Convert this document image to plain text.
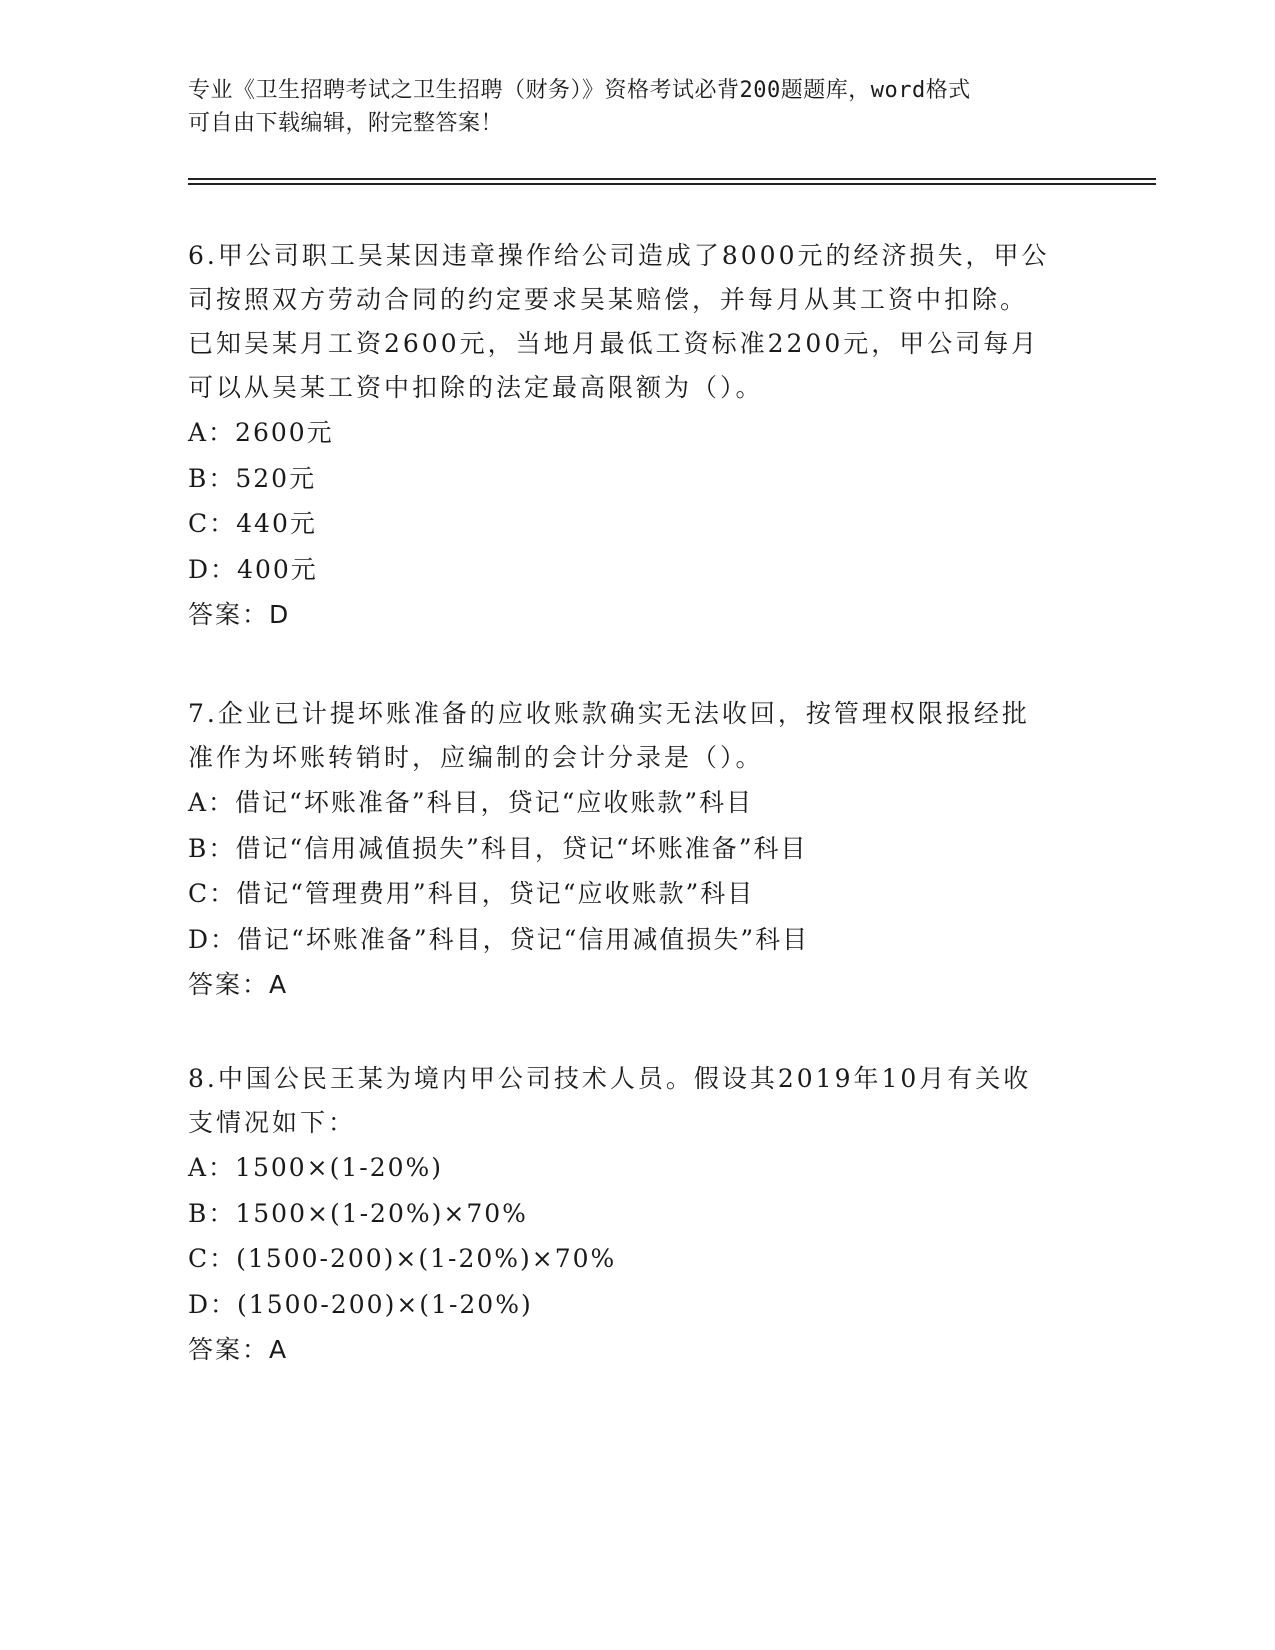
专业《卫生招聘考试之卫生招聘（财务）》资格考试必背200题题库，word格式
可自由下载编辑，附完整答案！

6.甲公司职工吴某因违章操作给公司造成了8000元的经济损失，甲公

司按照双方劳动合同的约定要求吴某赔偿，并每月从其工资中扣除。

已知吴某月工资2600元，当地月最低工资标准2200元，甲公司每月

可以从吴某工资中扣除的法定最高限额为（）。

A：2600元

B：520元

C：440元

D：400元

答案：D

7.企业已计提坏账准备的应收账款确实无法收回，按管理权限报经批

准作为坏账转销时，应编制的会计分录是（）。

A：借记“坏账准备”科目，贷记“应收账款”科目

B：借记“信用减值损失”科目，贷记“坏账准备”科目

C：借记“管理费用”科目，贷记“应收账款”科目

D：借记“坏账准备”科目，贷记“信用减值损失”科目

答案：A

8.中国公民王某为境内甲公司技术人员。假设其2019年10月有关收

支情况如下：

A：1500×(1-20%)

B：1500×(1-20%)×70%

C：(1500-200)×(1-20%)×70%

D：(1500-200)×(1-20%)

答案：A
